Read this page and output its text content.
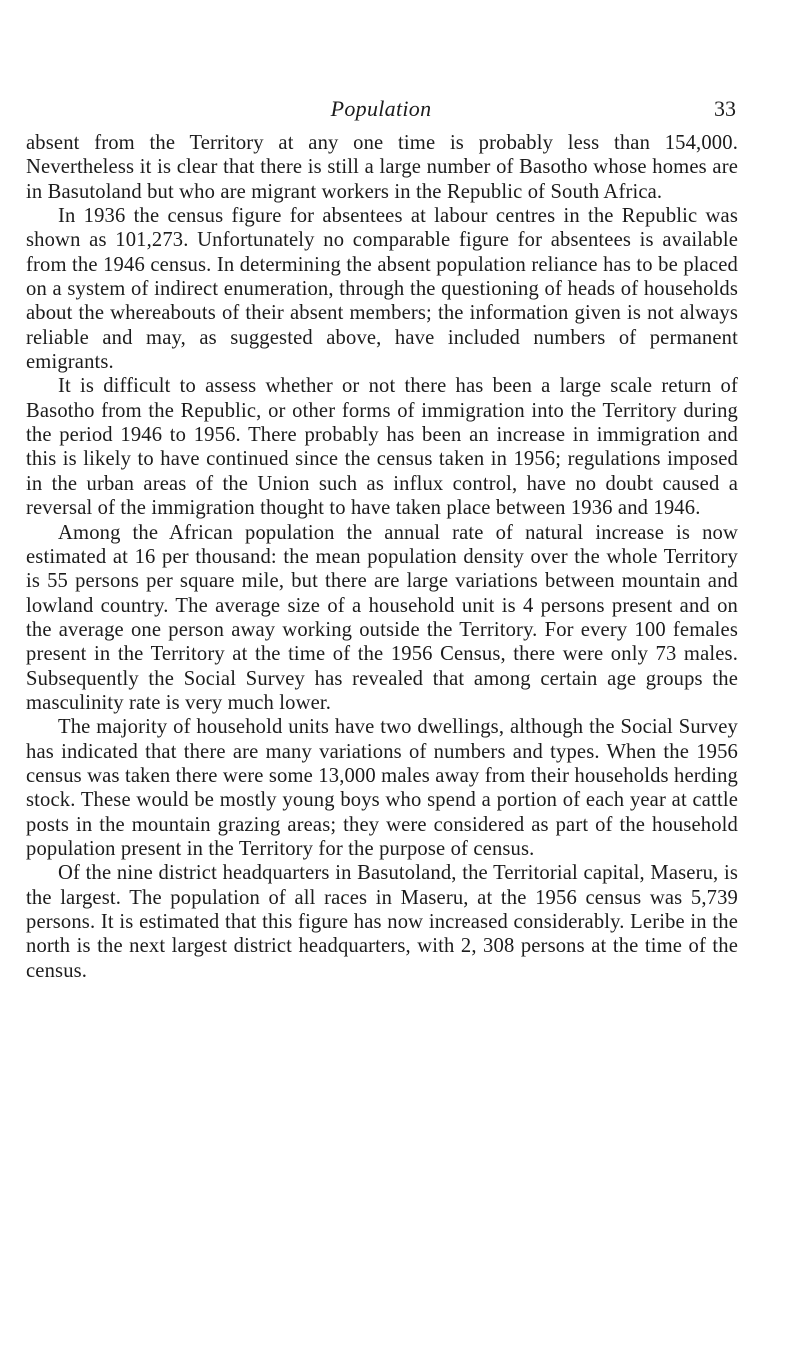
Population	33

absent from the Territory at any one time is probably less than 154,000. Nevertheless it is clear that there is still a large number of Basotho whose homes are in Basutoland but who are migrant workers in the Republic of South Africa.

In 1936 the census figure for absentees at labour centres in the Republic was shown as 101,273. Unfortunately no comparable figure for absentees is available from the 1946 census. In determining the absent population reliance has to be placed on a system of indirect enumeration, through the questioning of heads of households about the whereabouts of their absent members; the information given is not always reliable and may, as suggested above, have included numbers of permanent emigrants.

It is difficult to assess whether or not there has been a large scale return of Basotho from the Republic, or other forms of immigration into the Territory during the period 1946 to 1956. There probably has been an increase in immigration and this is likely to have continued since the census taken in 1956; regulations imposed in the urban areas of the Union such as influx control, have no doubt caused a reversal of the immigration thought to have taken place between 1936 and 1946.

Among the African population the annual rate of natural increase is now estimated at 16 per thousand: the mean population density over the whole Territory is 55 persons per square mile, but there are large variations between mountain and lowland country. The average size of a household unit is 4 persons present and on the average one person away working outside the Territory. For every 100 females present in the Territory at the time of the 1956 Census, there were only 73 males. Subsequently the Social Survey has revealed that among certain age groups the masculinity rate is very much lower.

The majority of household units have two dwellings, although the Social Survey has indicated that there are many variations of numbers and types. When the 1956 census was taken there were some 13,000 males away from their households herding stock. These would be mostly young boys who spend a portion of each year at cattle posts in the mountain grazing areas; they were considered as part of the household population present in the Territory for the purpose of census.

Of the nine district headquarters in Basutoland, the Territorial capital, Maseru, is the largest. The population of all races in Maseru, at the 1956 census was 5,739 persons. It is estimated that this figure has now increased considerably. Leribe in the north is the next largest district headquarters, with 2, 308 persons at the time of the census.
